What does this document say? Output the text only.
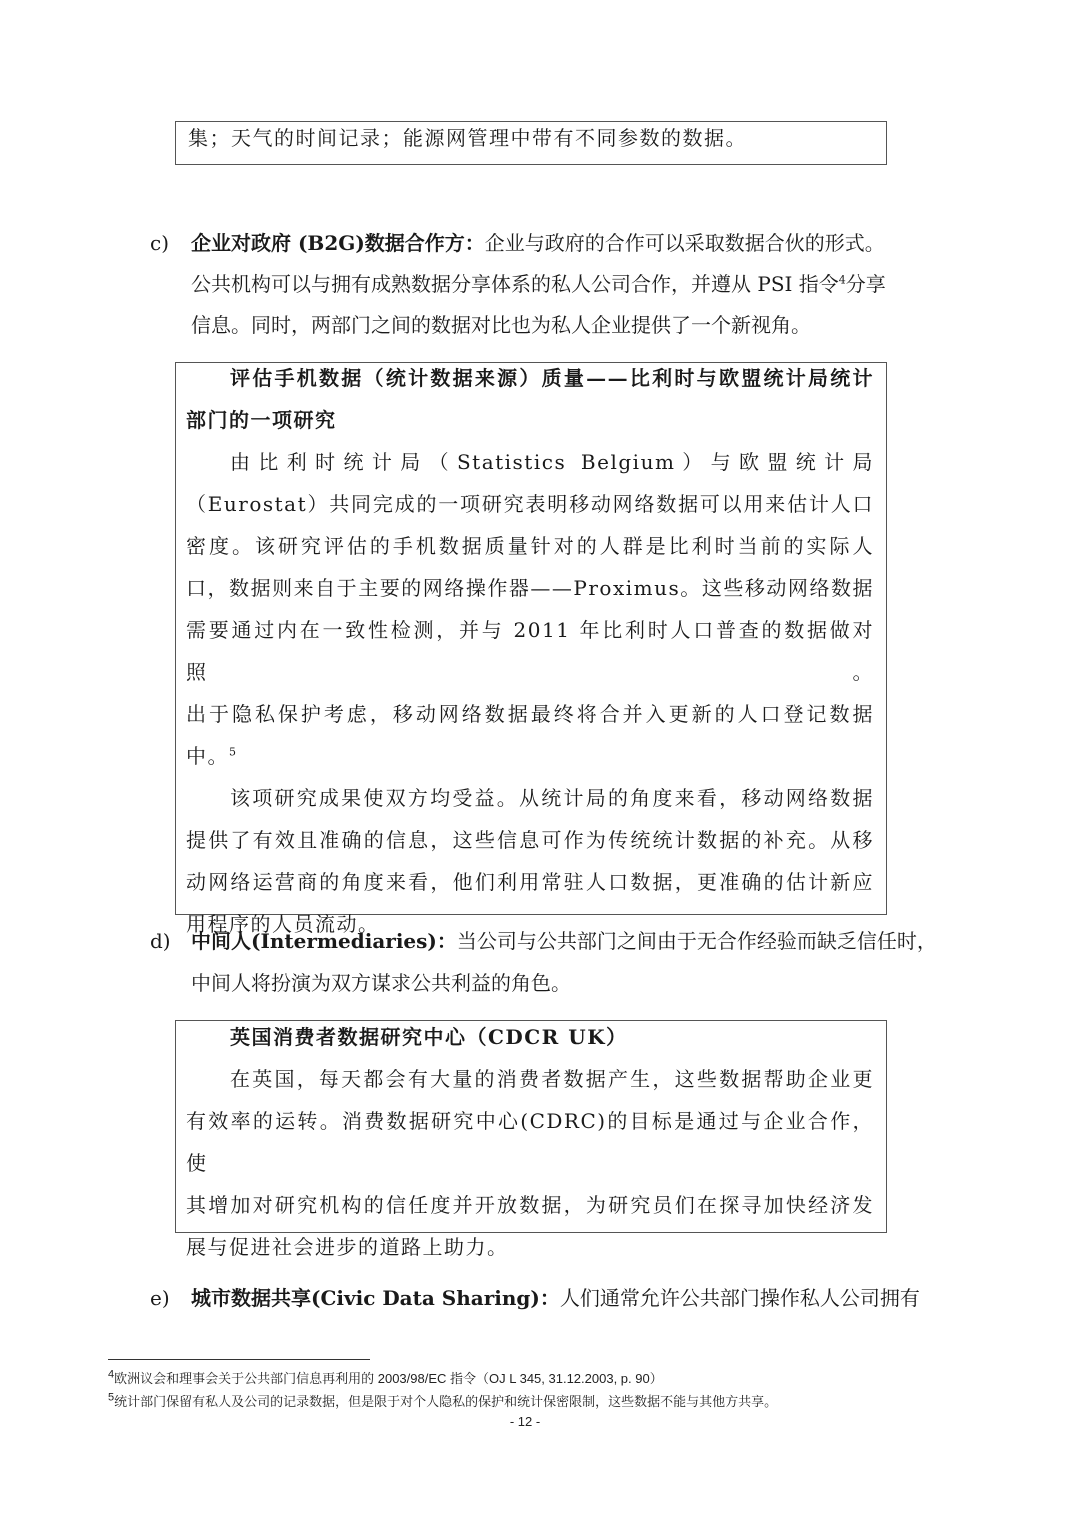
集；天气的时间记录；能源网管理中带有不同参数的数据。
c) 企业对政府 (B2G)数据合作方：企业与政府的合作可以采取数据合伙的形式。
公共机构可以与拥有成熟数据分享体系的私人公司合作，并遵从 PSI 指令$^4$分享
信息。同时，两部门之间的数据对比也为私人企业提供了一个新视角。

评估手机数据（统计数据来源）质量——比利时与欧盟统计局统计

部门的一项研究

由比利时统计局（Statistics Belgium）与欧盟统计局

（Eurostat）共同完成的一项研究表明移动网络数据可以用来估计人口

密度。该研究评估的手机数据质量针对的人群是比利时当前的实际人

口，数据则来自于主要的网络操作器——Proximus。这些移动网络数据

需要通过内在一致性检测，并与 2011 年比利时人口普查的数据做对照。

出于隐私保护考虑，移动网络数据最终将合并入更新的人口登记数据

中。$^5$

该项研究成果使双方均受益。从统计局的角度来看，移动网络数据

提供了有效且准确的信息，这些信息可作为传统统计数据的补充。从移

动网络运营商的角度来看，他们利用常驻人口数据，更准确的估计新应

用程序的人员流动。

d) 中间人(Intermediaries)：当公司与公共部门之间由于无合作经验而缺乏信任时，
中间人将扮演为双方谋求公共利益的角色。

英国消费者数据研究中心（CDCR UK）

在英国，每天都会有大量的消费者数据产生，这些数据帮助企业更

有效率的运转。消费数据研究中心(CDRC)的目标是通过与企业合作，使

其增加对研究机构的信任度并开放数据，为研究员们在探寻加快经济发

展与促进社会进步的道路上助力。

e) 城市数据共享(Civic Data Sharing)：人们通常允许公共部门操作私人公司拥有
$^4$欧洲议会和理事会关于公共部门信息再利用的 2003/98/EC 指令（OJ L 345, 31.12.2003, p. 90）
$^5$统计部门保留有私人及公司的记录数据，但是限于对个人隐私的保护和统计保密限制，这些数据不能与其他方共享。
- 12 -
